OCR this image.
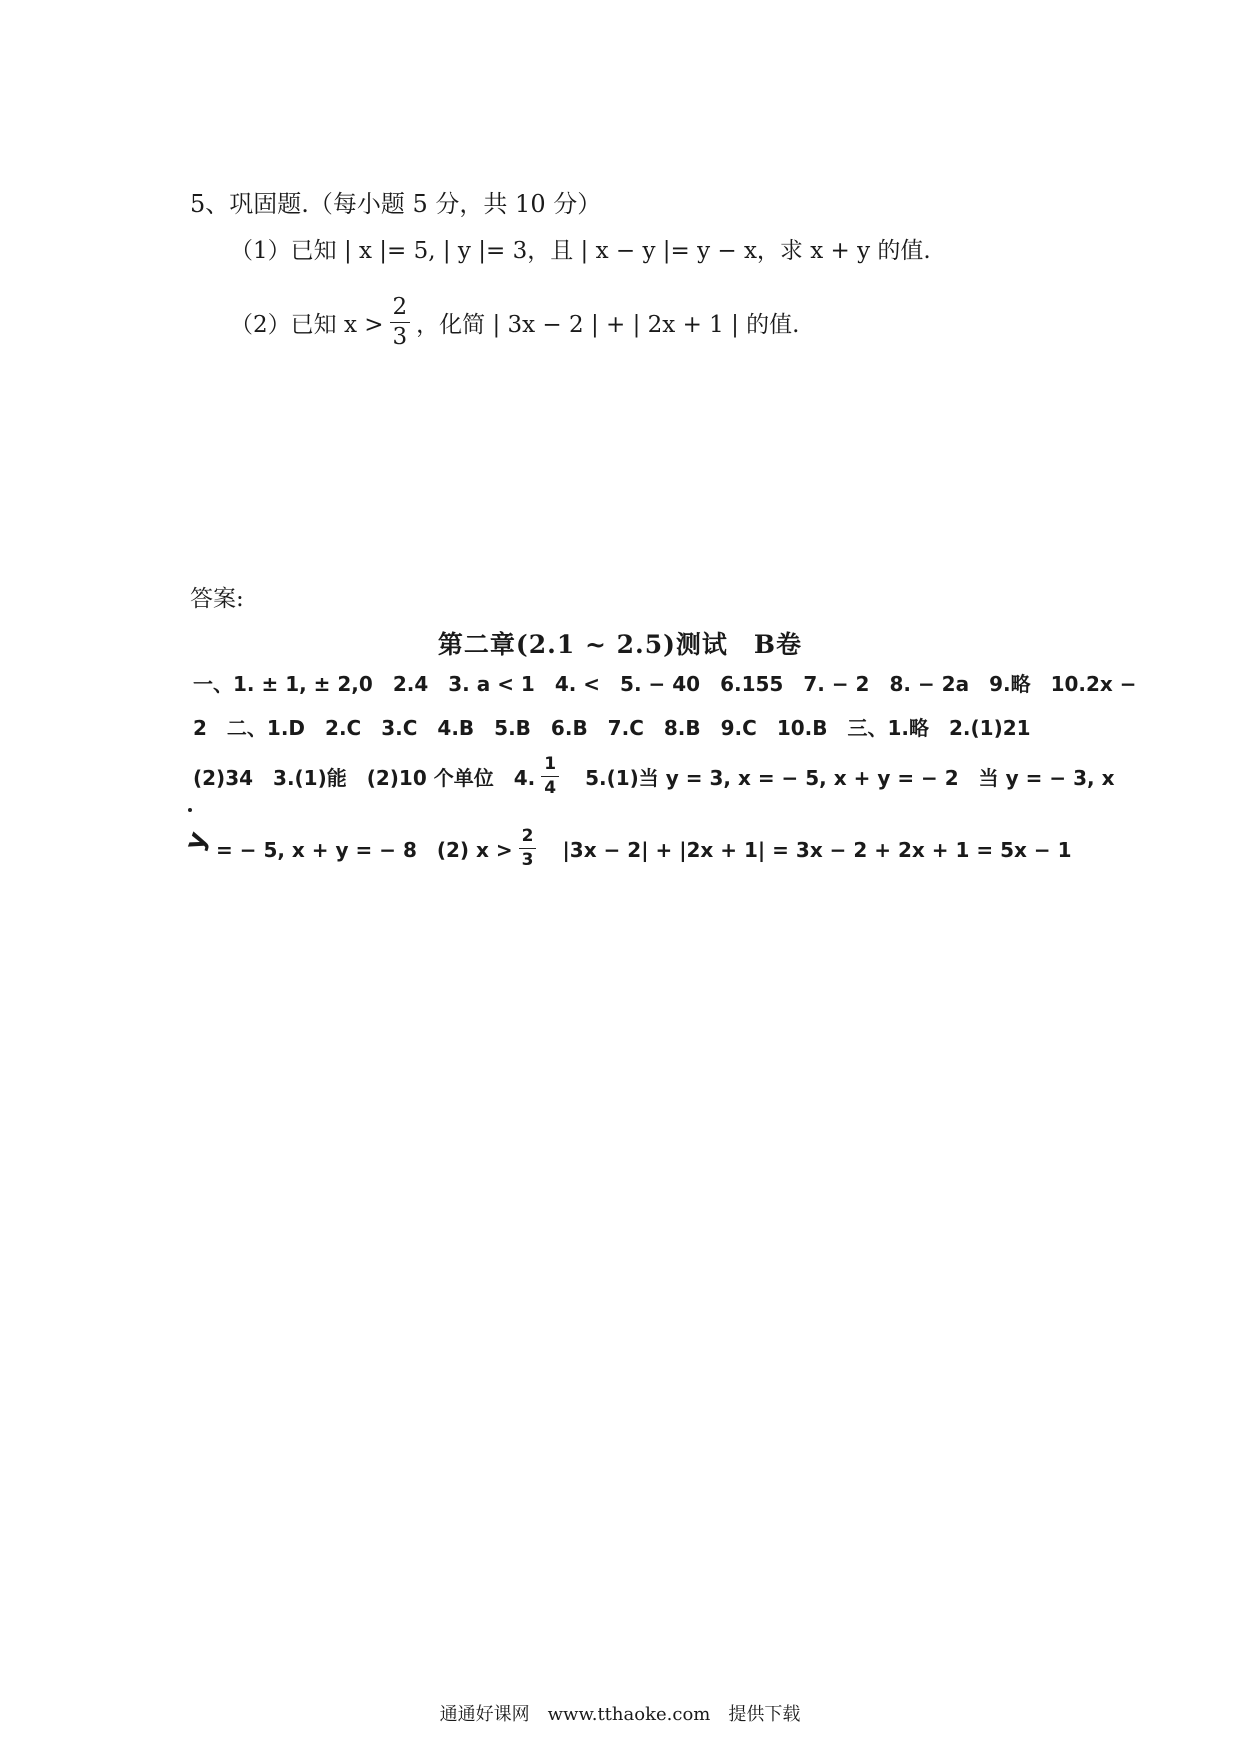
5、巩固题.（每小题 5 分，共 10 分）
（1）已知 | x |= 5, | y |= 3，且 | x − y |= y − x，求 x + y 的值.
（2）已知 $x > \frac{2}{3}$ ，化简 | 3x − 2 | + | 2x + 1 | 的值.
答案:
第二章(2.1 ~ 2.5)测试　B卷
一、1. ± 1, ± 2,0　2.4　3. a < 1　4. <　5. − 40　6.155　7. − 2　8. − 2a　9.略　10.2x −
2　二、1.D　2.C　3.C　4.B　5.B　6.B　7.C　8.B　9.C　10.B　三、1.略　2.(1)21
(2)34　3.(1)能　(2)10 个单位　4. $\frac{1}{4}$ 　5.(1)当 y = 3, x = − 5, x + y = − 2　当 y = − 3, x
y = − 5, x + y = − 8　(2) $x > \frac{2}{3}$ 　|3x − 2| + |2x + 1| = 3x − 2 + 2x + 1 = 5x − 1
通通好课网　www.tthaoke.com　提供下载
